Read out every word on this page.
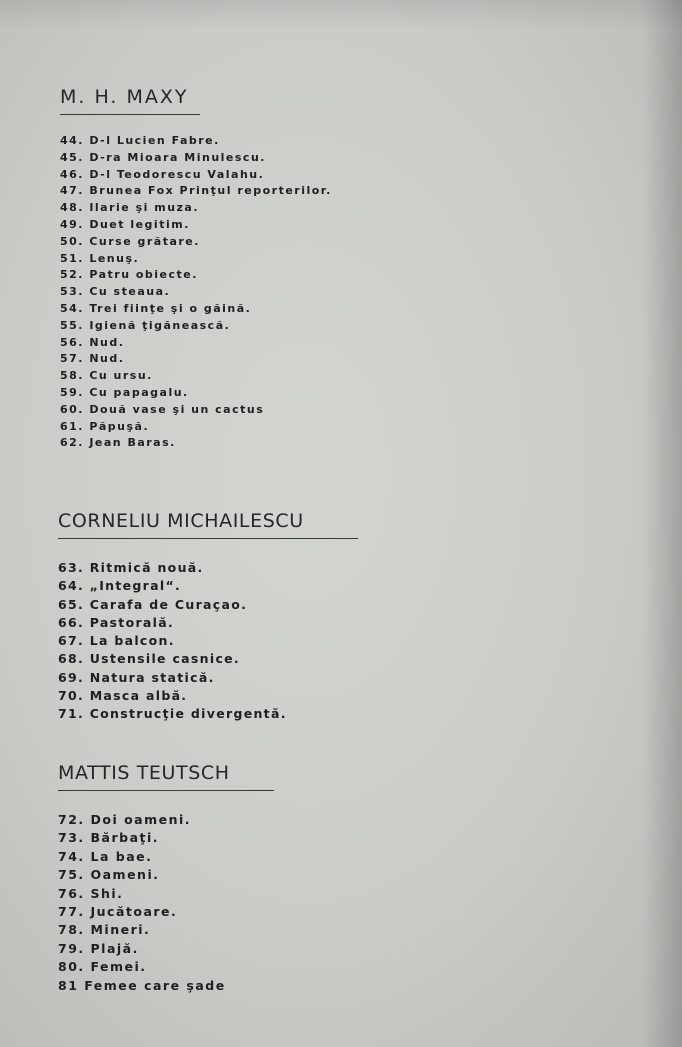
M. H. MAXY
44. D-l Lucien Fabre.
45. D-ra Mioara Minulescu.
46. D-l Teodorescu Valahu.
47. Brunea Fox Prinţul reporterilor.
48. Ilarie şi muza.
49. Duet legitim.
50. Curse grătare.
51. Lenuş.
52. Patru obiecte.
53. Cu steaua.
54. Trei fiinţe şi o găină.
55. Igienă ţigănească.
56. Nud.
57. Nud.
58. Cu ursu.
59. Cu papagalu.
60. Două vase şi un cactus
61. Păpuşă.
62. Jean Baras.
CORNELIU MICHAILESCU
63. Ritmică nouă.
64. „Integral“.
65. Carafa de Curaçao.
66. Pastorală.
67. La balcon.
68. Ustensile casnice.
69. Natura statică.
70. Masca albă.
71. Construcţie divergentă.
MATTIS TEUTSCH
72. Doi oameni.
73. Bărbaţi.
74. La bae.
75. Oameni.
76. Shi.
77. Jucătoare.
78. Mineri.
79. Plajă.
80. Femei.
81 Femee care şade
